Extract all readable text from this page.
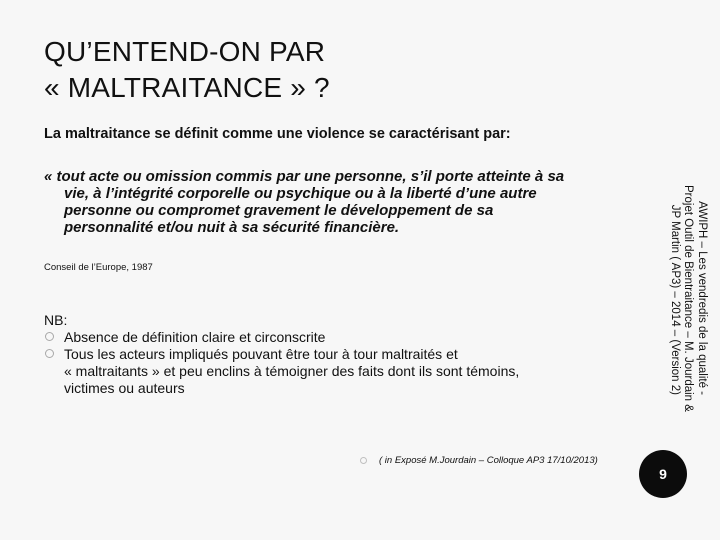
QU’ENTEND-ON PAR
« MALTRAITANCE » ?
La maltraitance se définit comme une violence se caractérisant par:
« tout acte ou omission commis par une personne, s’il porte atteinte à sa
vie, à l’intégrité corporelle ou psychique ou à la liberté d’une autre
personne ou compromet gravement le développement de sa
personnalité et/ou nuit à sa sécurité financière.
Conseil de l’Europe, 1987
NB:
Absence de définition claire et circonscrite
Tous les acteurs impliqués pouvant être tour à tour maltraités et
« maltraitants » et peu enclins à témoigner des faits dont ils sont témoins,
victimes ou auteurs
( in Exposé M.Jourdain – Colloque AP3 17/10/2013)
AWIPH – Les vendredis de la qualité -
Projet Outil de Bientraitance – M. Jourdain &
JP Martin ( AP3) – 2014 – (Version 2)
9
